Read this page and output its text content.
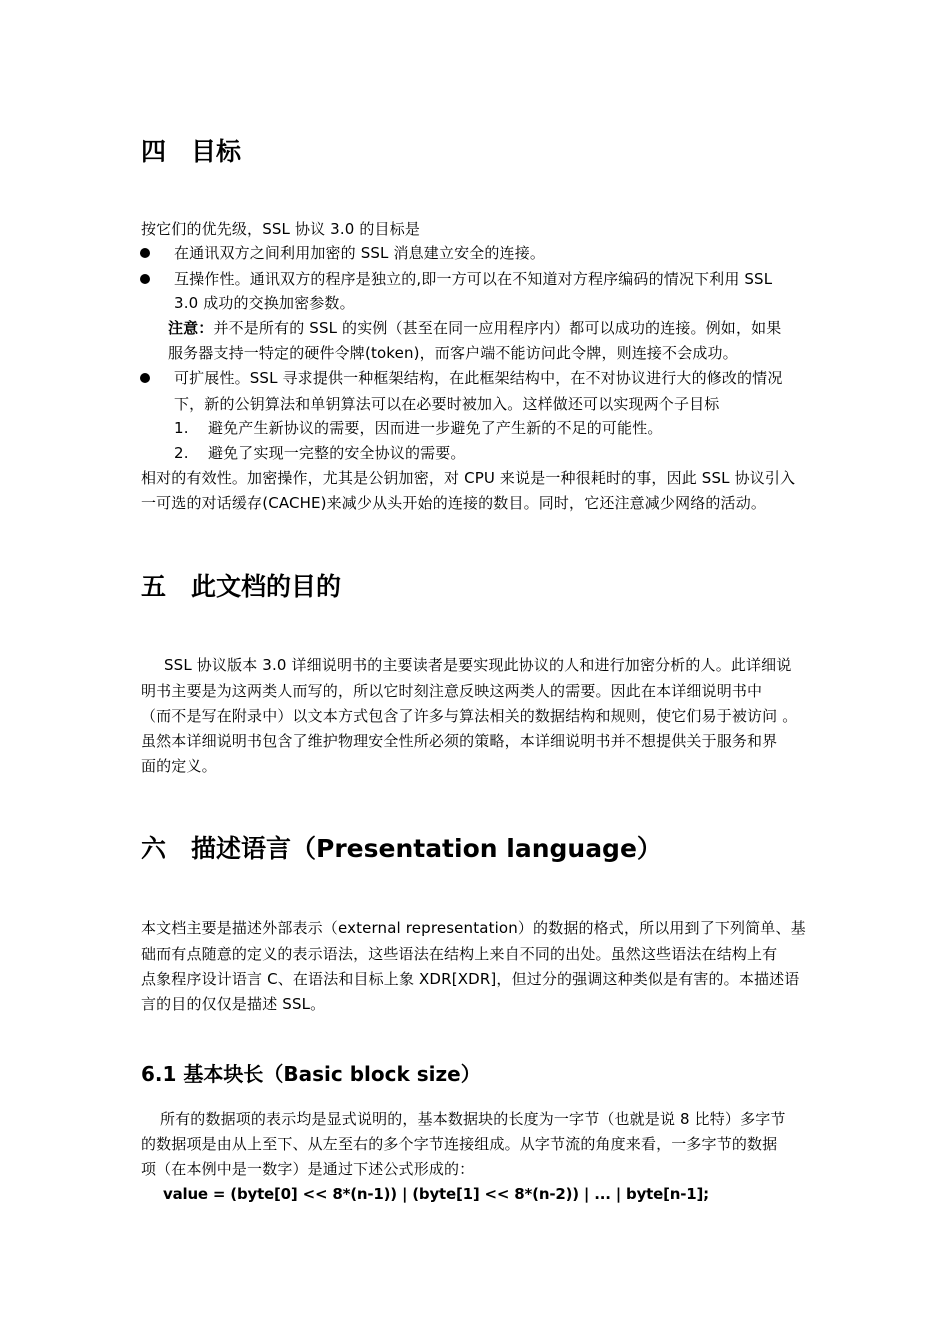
四 目标
按它们的优先级，SSL 协议 3.0 的目标是
在通讯双方之间利用加密的 SSL 消息建立安全的连接。
互操作性。通讯双方的程序是独立的,即一方可以在不知道对方程序编码的情况下利用 SSL
3.0 成功的交换加密参数。
注意：并不是所有的 SSL 的实例（甚至在同一应用程序内）都可以成功的连接。例如，如果
服务器支持一特定的硬件令牌(token)，而客户端不能访问此令牌，则连接不会成功。
可扩展性。SSL 寻求提供一种框架结构，在此框架结构中，在不对协议进行大的修改的情况
下，新的公钥算法和单钥算法可以在必要时被加入。这样做还可以实现两个子目标
1. 避免产生新协议的需要，因而进一步避免了产生新的不足的可能性。
2. 避免了实现一完整的安全协议的需要。
相对的有效性。加密操作，尤其是公钥加密，对 CPU 来说是一种很耗时的事，因此 SSL 协议引入
一可选的对话缓存(CACHE)来减少从头开始的连接的数目。同时，它还注意减少网络的活动。
五 此文档的目的
SSL 协议版本 3.0 详细说明书的主要读者是要实现此协议的人和进行加密分析的人。此详细说
明书主要是为这两类人而写的，所以它时刻注意反映这两类人的需要。因此在本详细说明书中
（而不是写在附录中）以文本方式包含了许多与算法相关的数据结构和规则，使它们易于被访问 。
虽然本详细说明书包含了维护物理安全性所必须的策略，本详细说明书并不想提供关于服务和界
面的定义。
六 描述语言（Presentation language）
本文档主要是描述外部表示（external representation）的数据的格式，所以用到了下列简单、基
础而有点随意的定义的表示语法，这些语法在结构上来自不同的出处。虽然这些语法在结构上有
点象程序设计语言 C、在语法和目标上象 XDR[XDR]，但过分的强调这种类似是有害的。本描述语
言的目的仅仅是描述 SSL。
6.1 基本块长（Basic block size）
所有的数据项的表示均是显式说明的，基本数据块的长度为一字节（也就是说 8 比特）多字节
的数据项是由从上至下、从左至右的多个字节连接组成。从字节流的角度来看，一多字节的数据
项（在本例中是一数字）是通过下述公式形成的：
value = (byte[0] << 8*(n-1)) | (byte[1] << 8*(n-2)) | ... | byte[n-1];
